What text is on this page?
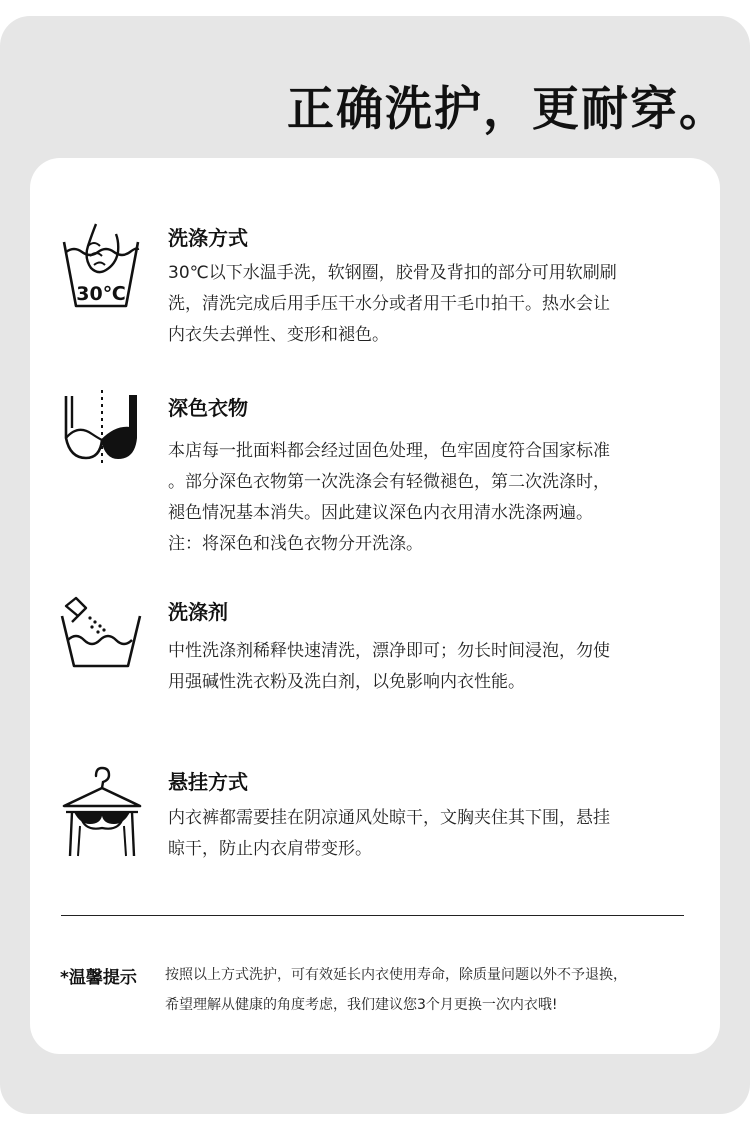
正确洗护，更耐穿。
30℃
洗涤方式
30℃以下水温手洗，软钢圈，胶骨及背扣的部分可用软刷刷
洗，清洗完成后用手压干水分或者用干毛巾拍干。热水会让
内衣失去弹性、变形和褪色。
深色衣物
本店每一批面料都会经过固色处理，色牢固度符合国家标准
。部分深色衣物第一次洗涤会有轻微褪色，第二次洗涤时，
褪色情况基本消失。因此建议深色内衣用清水洗涤两遍。
注：将深色和浅色衣物分开洗涤。
洗涤剂
中性洗涤剂稀释快速清洗，漂净即可；勿长时间浸泡，勿使
用强碱性洗衣粉及洗白剂，以免影响内衣性能。
悬挂方式
内衣裤都需要挂在阴凉通风处晾干，文胸夹住其下围，悬挂
晾干，防止内衣肩带变形。

*温馨提示 按照以上方式洗护，可有效延长内衣使用寿命，除质量问题以外不予退换，

希望理解从健康的角度考虑，我们建议您3个月更换一次内衣哦!
